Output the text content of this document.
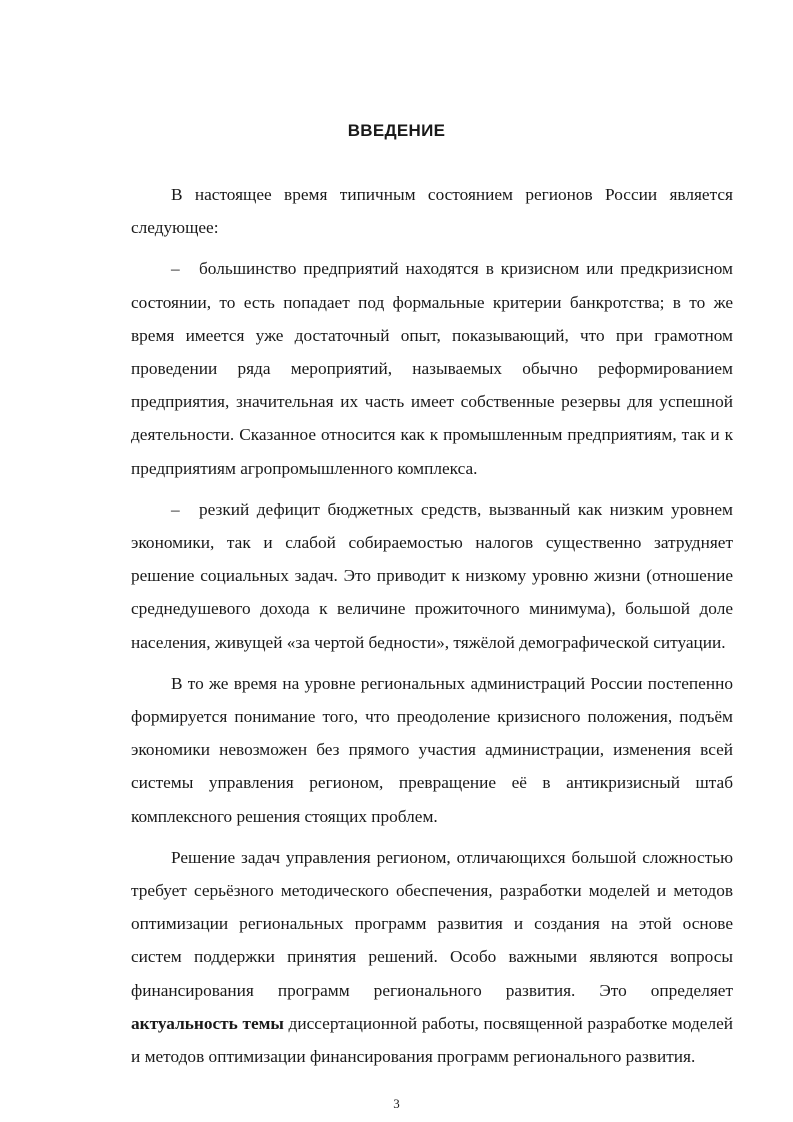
ВВЕДЕНИЕ

В настоящее время типичным состоянием регионов России является следующее:

– большинство предприятий находятся в кризисном или предкризисном состоянии, то есть попадает под формальные критерии банкротства; в то же время имеется уже достаточный опыт, показывающий, что при грамотном проведении ряда мероприятий, называемых обычно реформированием предприятия, значительная их часть имеет собственные резервы для успешной деятельности. Сказанное относится как к промышленным предприятиям, так и к предприятиям агропромышленного комплекса.

– резкий дефицит бюджетных средств, вызванный как низким уровнем экономики, так и слабой собираемостью налогов существенно затрудняет решение социальных задач. Это приводит к низкому уровню жизни (отношение среднедушевого дохода к величине прожиточного минимума), большой доле населения, живущей «за чертой бедности», тяжёлой демографической ситуации.

В то же время на уровне региональных администраций России постепенно формируется понимание того, что преодоление кризисного положения, подъём экономики невозможен без прямого участия администрации, изменения всей системы управления регионом, превращение её в антикризисный штаб комплексного решения стоящих проблем.

Решение задач управления регионом, отличающихся большой сложностью требует серьёзного методического обеспечения, разработки моделей и методов оптимизации региональных программ развития и создания на этой основе систем поддержки принятия решений. Особо важными являются вопросы финансирования программ регионального развития. Это определяет актуальность темы диссертационной работы, посвященной разработке моделей и методов оптимизации финансирования программ регионального развития.

3
